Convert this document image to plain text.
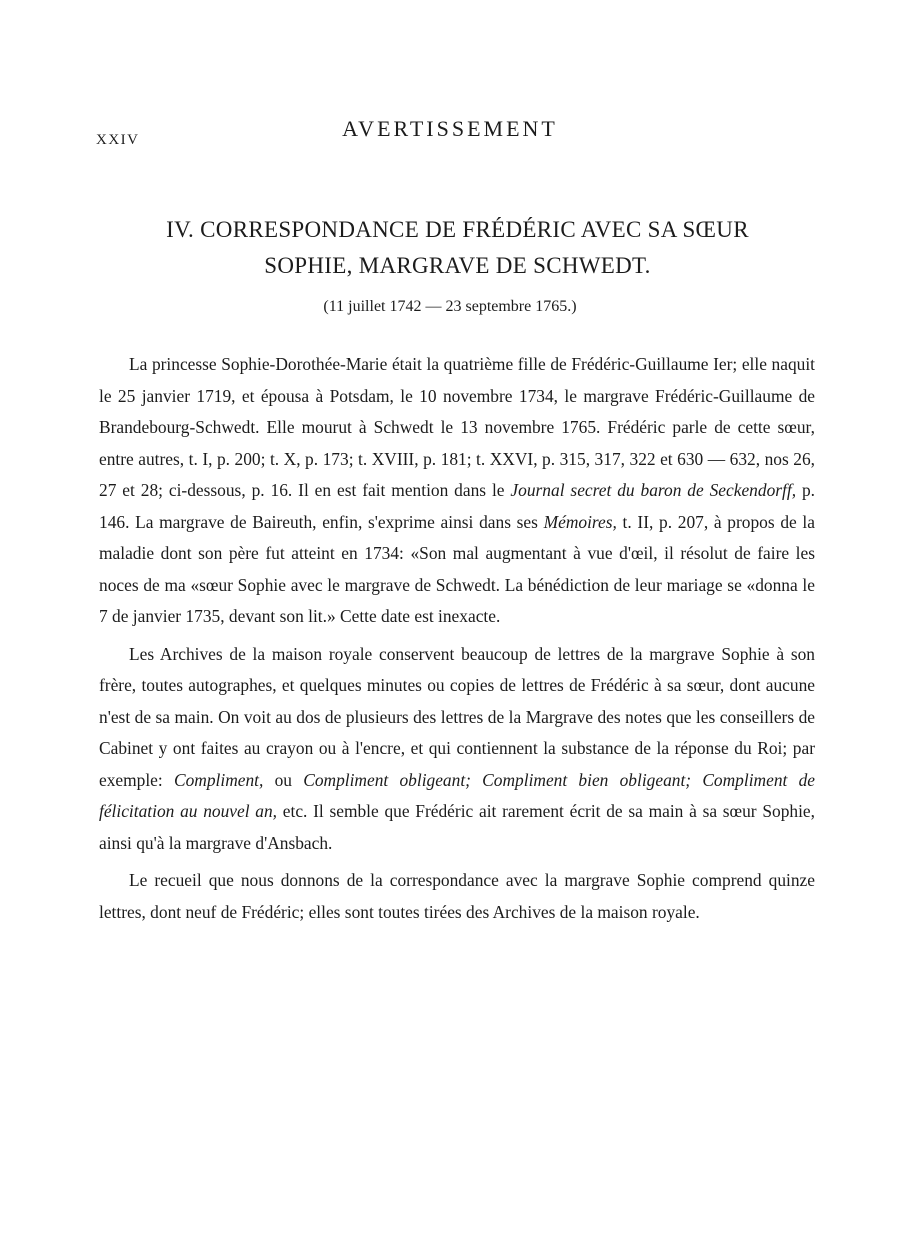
XXIV	AVERTISSEMENT
IV. CORRESPONDANCE DE FRÉDÉRIC AVEC SA SŒUR
SOPHIE, MARGRAVE DE SCHWEDT.
(11 juillet 1742 — 23 septembre 1765.)

La princesse Sophie-Dorothée-Marie était la quatrième fille de Frédéric-Guillaume Ier; elle naquit le 25 janvier 1719, et épousa à Potsdam, le 10 novembre 1734, le margrave Frédéric-Guillaume de Brandebourg-Schwedt. Elle mourut à Schwedt le 13 novembre 1765. Frédéric parle de cette sœur, entre autres, t. I, p. 200; t. X, p. 173; t. XVIII, p. 181; t. XXVI, p. 315, 317, 322 et 630 — 632, nos 26, 27 et 28; ci-dessous, p. 16. Il en est fait mention dans le Journal secret du baron de Seckendorff, p. 146. La margrave de Baireuth, enfin, s'exprime ainsi dans ses Mémoires, t. II, p. 207, à propos de la maladie dont son père fut atteint en 1734: «Son mal augmentant à vue d'œil, il résolut de faire les noces de ma «sœur Sophie avec le margrave de Schwedt. La bénédiction de leur mariage se «donna le 7 de janvier 1735, devant son lit.» Cette date est inexacte.

Les Archives de la maison royale conservent beaucoup de lettres de la margrave Sophie à son frère, toutes autographes, et quelques minutes ou copies de lettres de Frédéric à sa sœur, dont aucune n'est de sa main. On voit au dos de plusieurs des lettres de la Margrave des notes que les conseillers de Cabinet y ont faites au crayon ou à l'encre, et qui contiennent la substance de la réponse du Roi; par exemple: Compliment, ou Compliment obligeant; Compliment bien obligeant; Compliment de félicitation au nouvel an, etc. Il semble que Frédéric ait rarement écrit de sa main à sa sœur Sophie, ainsi qu'à la margrave d'Ansbach.

Le recueil que nous donnons de la correspondance avec la margrave Sophie comprend quinze lettres, dont neuf de Frédéric; elles sont toutes tirées des Archives de la maison royale.
